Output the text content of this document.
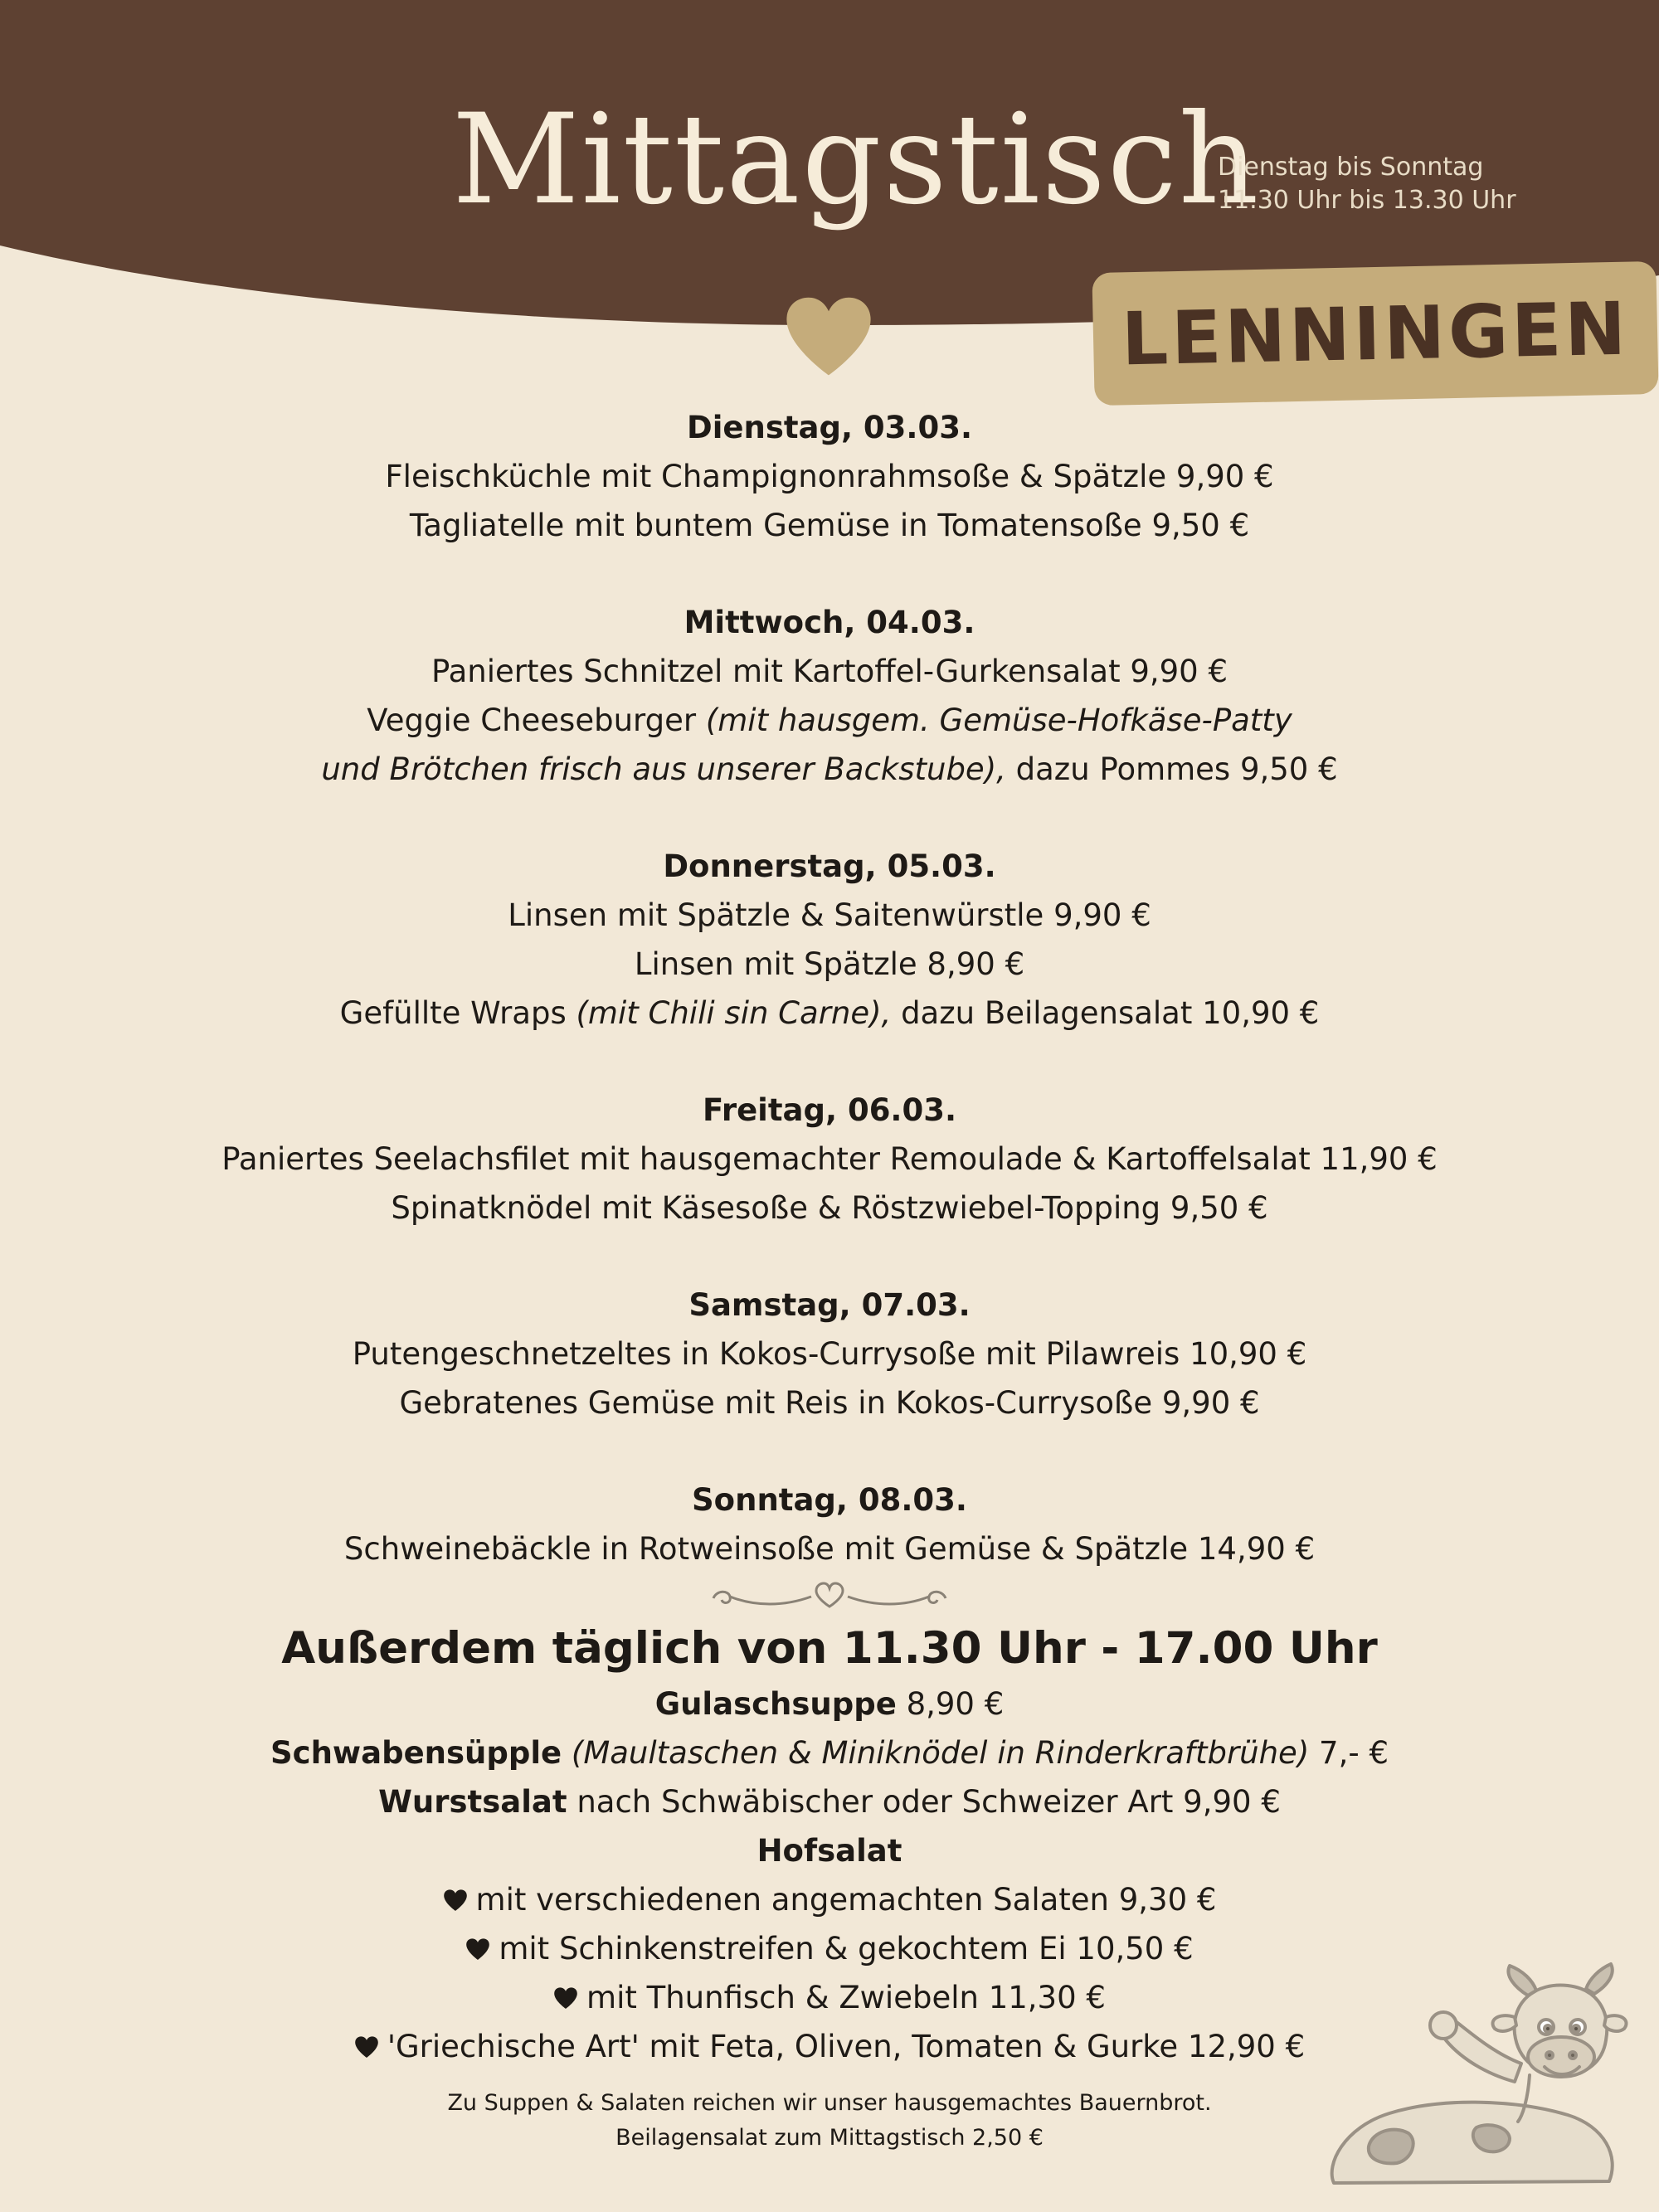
Mittagstisch
Dienstag bis Sonntag
11.30 Uhr bis 13.30 Uhr
LENNINGEN
Dienstag, 03.03.
Fleischküchle mit Champignonrahmsoße & Spätzle 9,90 €
Tagliatelle mit buntem Gemüse in Tomatensoße 9,50 €
Mittwoch, 04.03.
Paniertes Schnitzel mit Kartoffel-Gurkensalat 9,90 €
Veggie Cheeseburger (mit hausgem. Gemüse-Hofkäse-Patty
und Brötchen frisch aus unserer Backstube), dazu Pommes 9,50 €
Donnerstag, 05.03.
Linsen mit Spätzle & Saitenwürstle 9,90 €
Linsen mit Spätzle 8,90 €
Gefüllte Wraps (mit Chili sin Carne), dazu Beilagensalat 10,90 €
Freitag, 06.03.
Paniertes Seelachsfilet mit hausgemachter Remoulade & Kartoffelsalat 11,90 €
Spinatknödel mit Käsesoße & Röstzwiebel-Topping 9,50 €
Samstag, 07.03.
Putengeschnetzeltes in Kokos-Currysoße mit Pilawreis 10,90 €
Gebratenes Gemüse mit Reis in Kokos-Currysoße 9,90 €
Sonntag, 08.03.
Schweinebäckle in Rotweinsoße mit Gemüse & Spätzle 14,90 €
Außerdem täglich von 11.30 Uhr - 17.00 Uhr
Gulaschsuppe 8,90 €
Schwabensüpple (Maultaschen & Miniknödel in Rinderkraftbrühe) 7,- €
Wurstsalat nach Schwäbischer oder Schweizer Art 9,90 €
Hofsalat
mit verschiedenen angemachten Salaten 9,30 €
mit Schinkenstreifen & gekochtem Ei 10,50 €
mit Thunfisch & Zwiebeln 11,30 €
'Griechische Art' mit Feta, Oliven, Tomaten & Gurke 12,90 €
Zu Suppen & Salaten reichen wir unser hausgemachtes Bauernbrot.
Beilagensalat zum Mittagstisch 2,50 €
